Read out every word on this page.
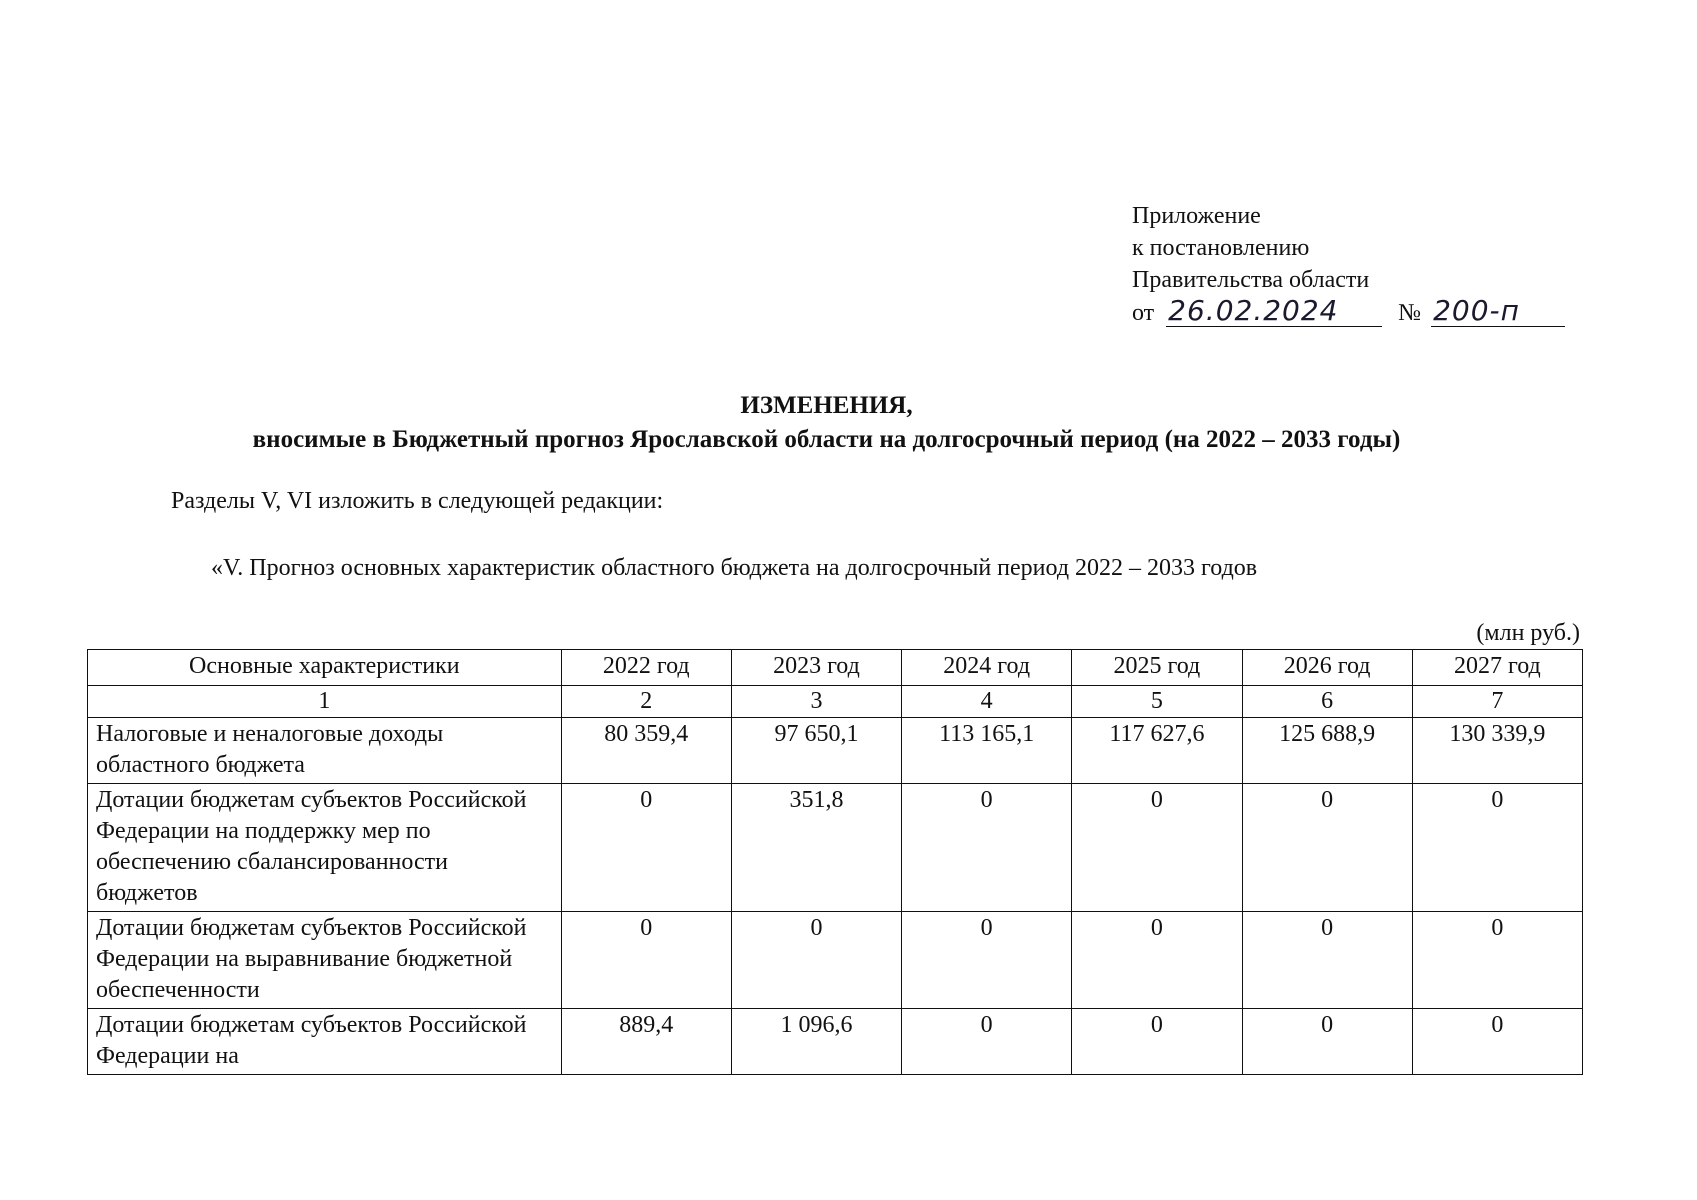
Приложение
к постановлению
Правительства области
от 26.02.2024 № 200-п
ИЗМЕНЕНИЯ,
вносимые в Бюджетный прогноз Ярославской области на долгосрочный период (на 2022 – 2033 годы)
Разделы V, VI изложить в следующей редакции:
«V. Прогноз основных характеристик областного бюджета на долгосрочный период 2022 – 2033 годов
(млн руб.)
Основные характеристики	2022 год	2023 год	2024 год	2025 год	2026 год	2027 год
1	2	3	4	5	6	7
Налоговые и неналоговые доходы областного бюджета	80 359,4	97 650,1	113 165,1	117 627,6	125 688,9	130 339,9
Дотации бюджетам субъектов Российской Федерации на поддержку мер по обеспечению сбалансированности бюджетов	0	351,8	0	0	0	0
Дотации бюджетам субъектов Российской Федерации на выравнивание бюджетной обеспеченности	0	0	0	0	0	0
Дотации бюджетам субъектов Российской Федерации на	889,4	1 096,6	0	0	0	0
